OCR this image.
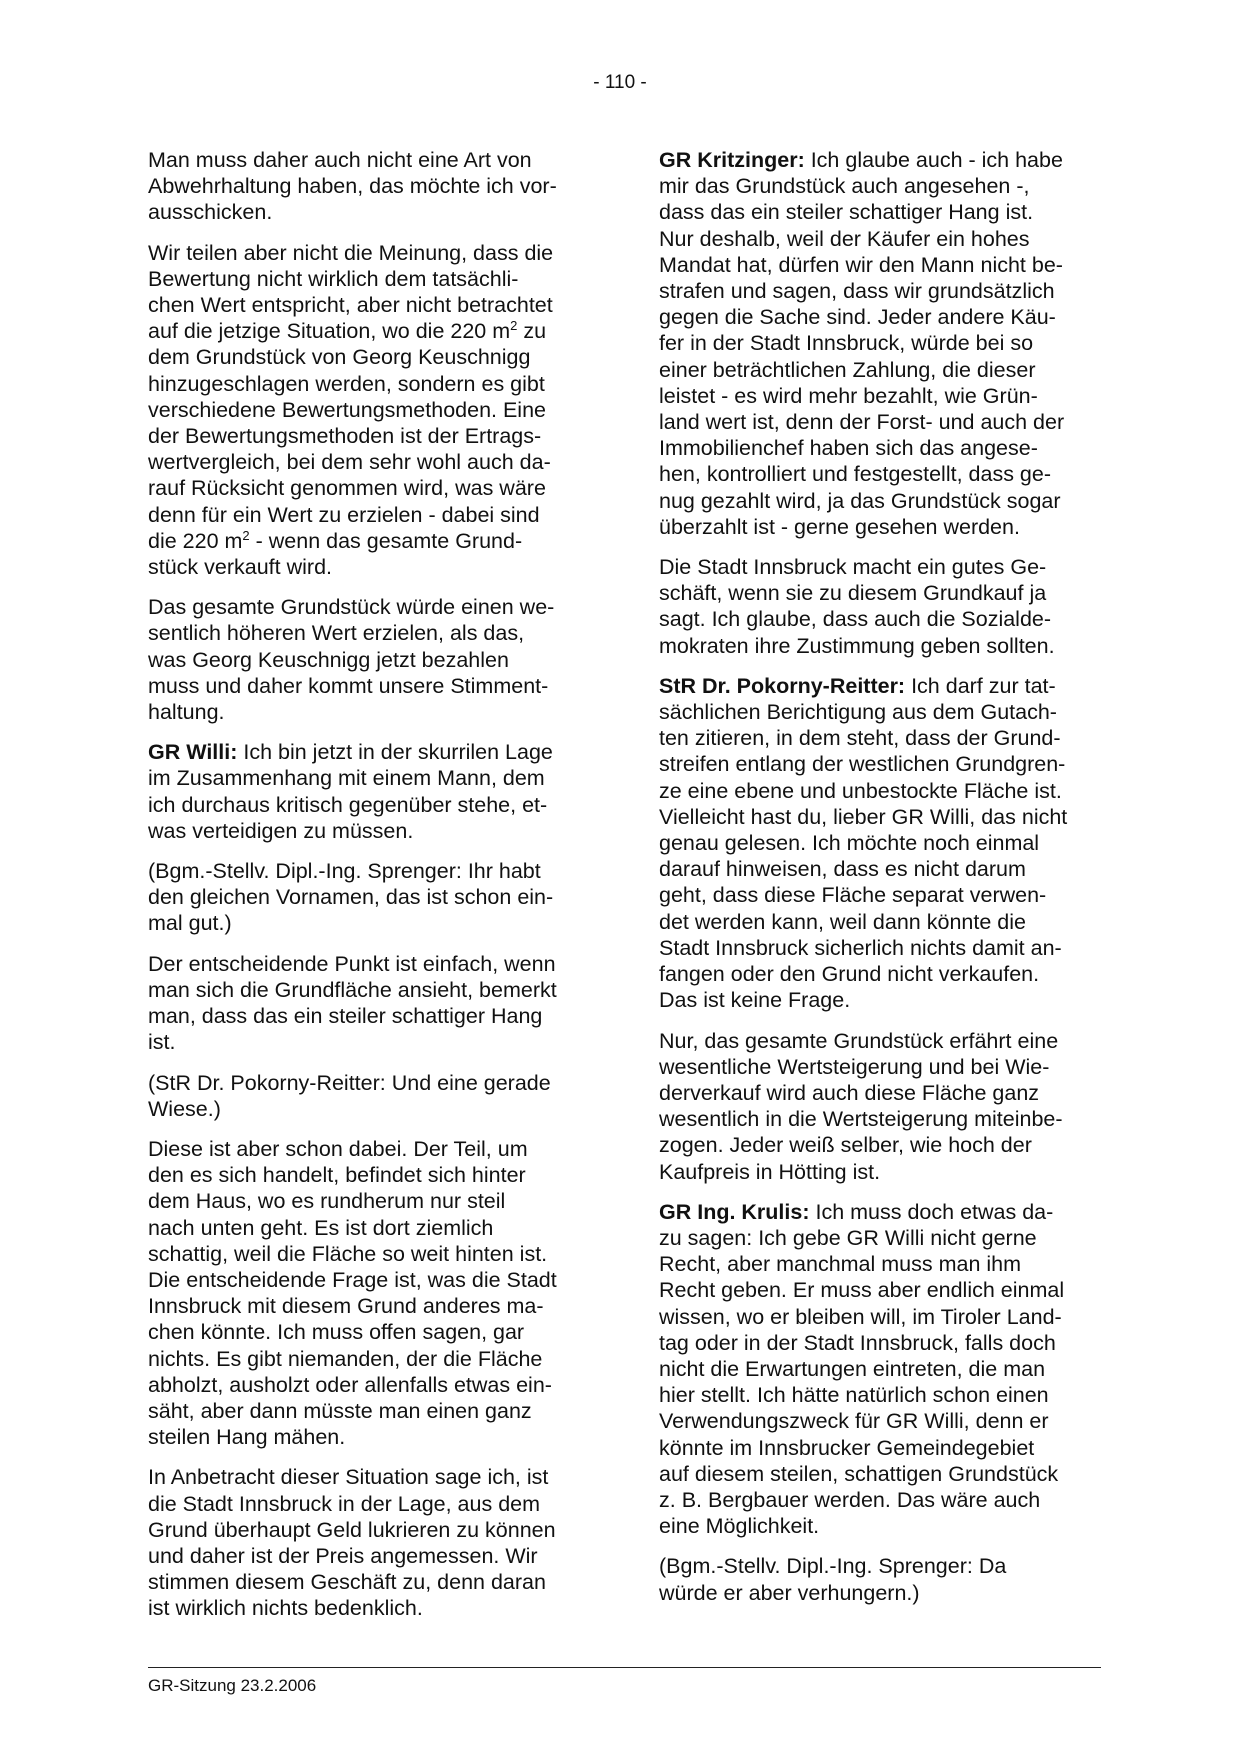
- 110 -

Man muss daher auch nicht eine Art von
Abwehrhaltung haben, das möchte ich vor-
ausschicken.

Wir teilen aber nicht die Meinung, dass die
Bewertung nicht wirklich dem tatsächli-
chen Wert entspricht, aber nicht betrachtet
auf die jetzige Situation, wo die 220 $m^2$ zu
dem Grundstück von Georg Keuschnigg
hinzugeschlagen werden, sondern es gibt
verschiedene Bewertungsmethoden. Eine
der Bewertungsmethoden ist der Ertrags-
wertvergleich, bei dem sehr wohl auch da-
rauf Rücksicht genommen wird, was wäre
denn für ein Wert zu erzielen - dabei sind
die 220 $m^2$ - wenn das gesamte Grund-
stück verkauft wird.

Das gesamte Grundstück würde einen we-
sentlich höheren Wert erzielen, als das,
was Georg Keuschnigg jetzt bezahlen
muss und daher kommt unsere Stimment-
haltung.

GR Willi: Ich bin jetzt in der skurrilen Lage
im Zusammenhang mit einem Mann, dem
ich durchaus kritisch gegenüber stehe, et-
was verteidigen zu müssen.

(Bgm.-Stellv. Dipl.-Ing. Sprenger: Ihr habt
den gleichen Vornamen, das ist schon ein-
mal gut.)

Der entscheidende Punkt ist einfach, wenn
man sich die Grundfläche ansieht, bemerkt
man, dass das ein steiler schattiger Hang
ist.

(StR Dr. Pokorny-Reitter: Und eine gerade
Wiese.)

Diese ist aber schon dabei. Der Teil, um
den es sich handelt, befindet sich hinter
dem Haus, wo es rundherum nur steil
nach unten geht. Es ist dort ziemlich
schattig, weil die Fläche so weit hinten ist.
Die entscheidende Frage ist, was die Stadt
Innsbruck mit diesem Grund anderes ma-
chen könnte. Ich muss offen sagen, gar
nichts. Es gibt niemanden, der die Fläche
abholzt, ausholzt oder allenfalls etwas ein-
säht, aber dann müsste man einen ganz
steilen Hang mähen.

In Anbetracht dieser Situation sage ich, ist
die Stadt Innsbruck in der Lage, aus dem
Grund überhaupt Geld lukrieren zu können
und daher ist der Preis angemessen. Wir
stimmen diesem Geschäft zu, denn daran
ist wirklich nichts bedenklich.

GR Kritzinger: Ich glaube auch - ich habe
mir das Grundstück auch angesehen -,
dass das ein steiler schattiger Hang ist.
Nur deshalb, weil der Käufer ein hohes
Mandat hat, dürfen wir den Mann nicht be-
strafen und sagen, dass wir grundsätzlich
gegen die Sache sind. Jeder andere Käu-
fer in der Stadt Innsbruck, würde bei so
einer beträchtlichen Zahlung, die dieser
leistet - es wird mehr bezahlt, wie Grün-
land wert ist, denn der Forst- und auch der
Immobilienchef haben sich das angese-
hen, kontrolliert und festgestellt, dass ge-
nug gezahlt wird, ja das Grundstück sogar
überzahlt ist - gerne gesehen werden.

Die Stadt Innsbruck macht ein gutes Ge-
schäft, wenn sie zu diesem Grundkauf ja
sagt. Ich glaube, dass auch die Sozialde-
mokraten ihre Zustimmung geben sollten.

StR Dr. Pokorny-Reitter: Ich darf zur tat-
sächlichen Berichtigung aus dem Gutach-
ten zitieren, in dem steht, dass der Grund-
streifen entlang der westlichen Grundgren-
ze eine ebene und unbestockte Fläche ist.
Vielleicht hast du, lieber GR Willi, das nicht
genau gelesen. Ich möchte noch einmal
darauf hinweisen, dass es nicht darum
geht, dass diese Fläche separat verwen-
det werden kann, weil dann könnte die
Stadt Innsbruck sicherlich nichts damit an-
fangen oder den Grund nicht verkaufen.
Das ist keine Frage.

Nur, das gesamte Grundstück erfährt eine
wesentliche Wertsteigerung und bei Wie-
derverkauf wird auch diese Fläche ganz
wesentlich in die Wertsteigerung miteinbe-
zogen. Jeder weiß selber, wie hoch der
Kaufpreis in Hötting ist.

GR Ing. Krulis: Ich muss doch etwas da-
zu sagen: Ich gebe GR Willi nicht gerne
Recht, aber manchmal muss man ihm
Recht geben. Er muss aber endlich einmal
wissen, wo er bleiben will, im Tiroler Land-
tag oder in der Stadt Innsbruck, falls doch
nicht die Erwartungen eintreten, die man
hier stellt. Ich hätte natürlich schon einen
Verwendungszweck für GR Willi, denn er
könnte im Innsbrucker Gemeindegebiet
auf diesem steilen, schattigen Grundstück
z. B. Bergbauer werden. Das wäre auch
eine Möglichkeit.

(Bgm.-Stellv. Dipl.-Ing. Sprenger: Da
würde er aber verhungern.)

GR-Sitzung 23.2.2006
